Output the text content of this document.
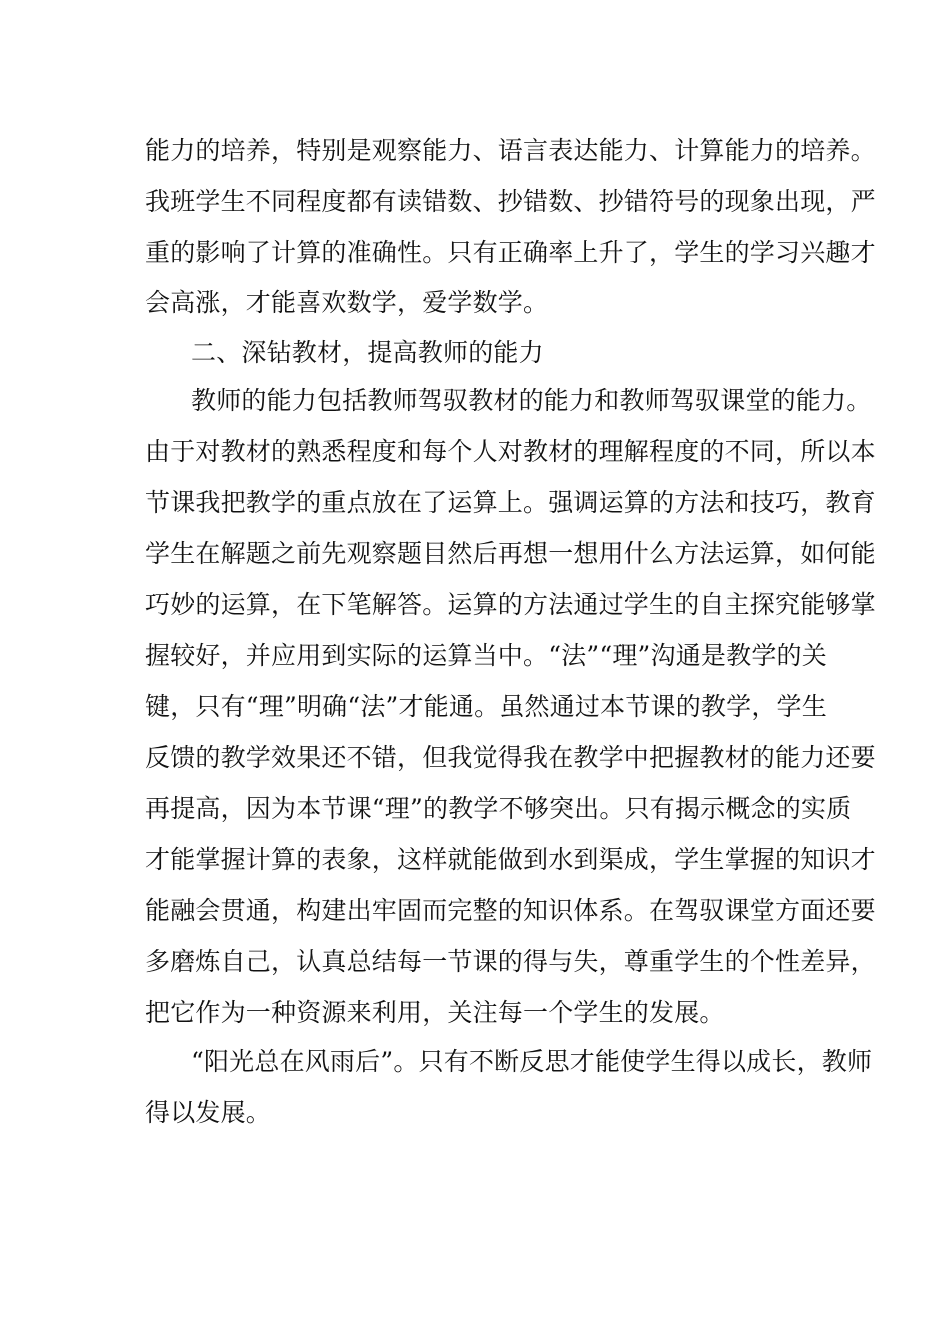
能力的培养，特别是观察能力、语言表达能力、计算能力的培养。
我班学生不同程度都有读错数、抄错数、抄错符号的现象出现，严
重的影响了计算的准确性。只有正确率上升了，学生的学习兴趣才
会高涨，才能喜欢数学，爱学数学。
二、深钻教材，提高教师的能力
教师的能力包括教师驾驭教材的能力和教师驾驭课堂的能力。
由于对教材的熟悉程度和每个人对教材的理解程度的不同，所以本
节课我把教学的重点放在了运算上。强调运算的方法和技巧，教育
学生在解题之前先观察题目然后再想一想用什么方法运算，如何能
巧妙的运算，在下笔解答。运算的方法通过学生的自主探究能够掌
握较好，并应用到实际的运算当中。“法”“理”沟通是教学的关
键，只有“理”明确“法”才能通。虽然通过本节课的教学，学生
反馈的教学效果还不错，但我觉得我在教学中把握教材的能力还要
再提高，因为本节课“理”的教学不够突出。只有揭示概念的实质
才能掌握计算的表象，这样就能做到水到渠成，学生掌握的知识才
能融会贯通，构建出牢固而完整的知识体系。在驾驭课堂方面还要
多磨炼自己，认真总结每一节课的得与失，尊重学生的个性差异，
把它作为一种资源来利用，关注每一个学生的发展。
“阳光总在风雨后”。只有不断反思才能使学生得以成长，教师
得以发展。
